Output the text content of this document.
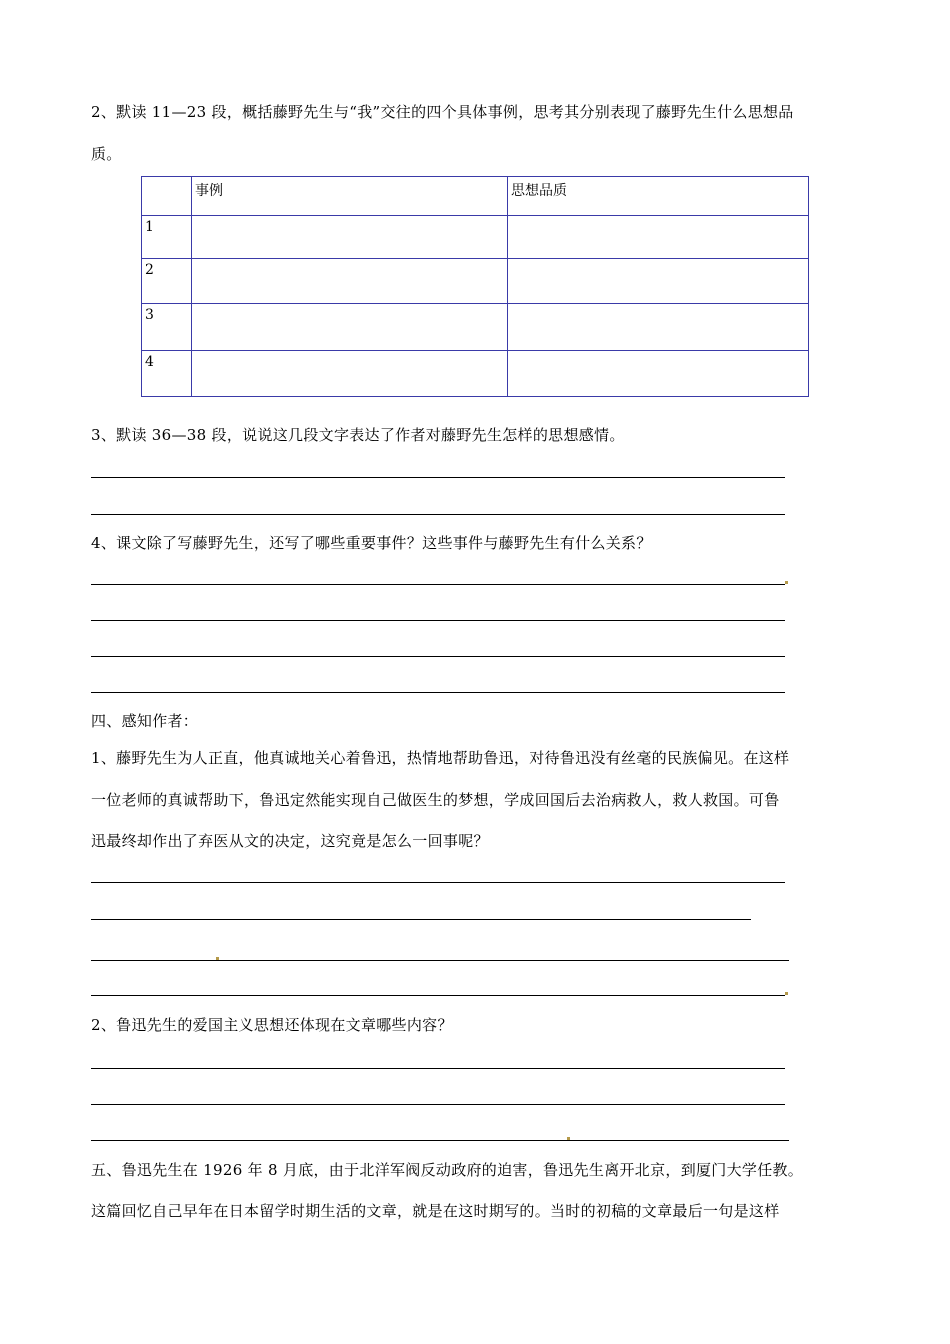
2、默读 11—23 段，概括藤野先生与“我”交往的四个具体事例，思考其分别表现了藤野先生什么思想品
质。
	事例	思想品质
1		
2		
3		
4		
3、默读 36—38 段，说说这几段文字表达了作者对藤野先生怎样的思想感情。
4、课文除了写藤野先生，还写了哪些重要事件？这些事件与藤野先生有什么关系？
四、感知作者：
1、藤野先生为人正直，他真诚地关心着鲁迅，热情地帮助鲁迅，对待鲁迅没有丝毫的民族偏见。在这样
一位老师的真诚帮助下，鲁迅定然能实现自己做医生的梦想，学成回国后去治病救人，救人救国。可鲁
迅最终却作出了弃医从文的决定，这究竟是怎么一回事呢？
2、鲁迅先生的爱国主义思想还体现在文章哪些内容？
五、鲁迅先生在 1926 年 8 月底，由于北洋军阀反动政府的迫害，鲁迅先生离开北京，到厦门大学任教。
这篇回忆自己早年在日本留学时期生活的文章，就是在这时期写的。当时的初稿的文章最后一句是这样
